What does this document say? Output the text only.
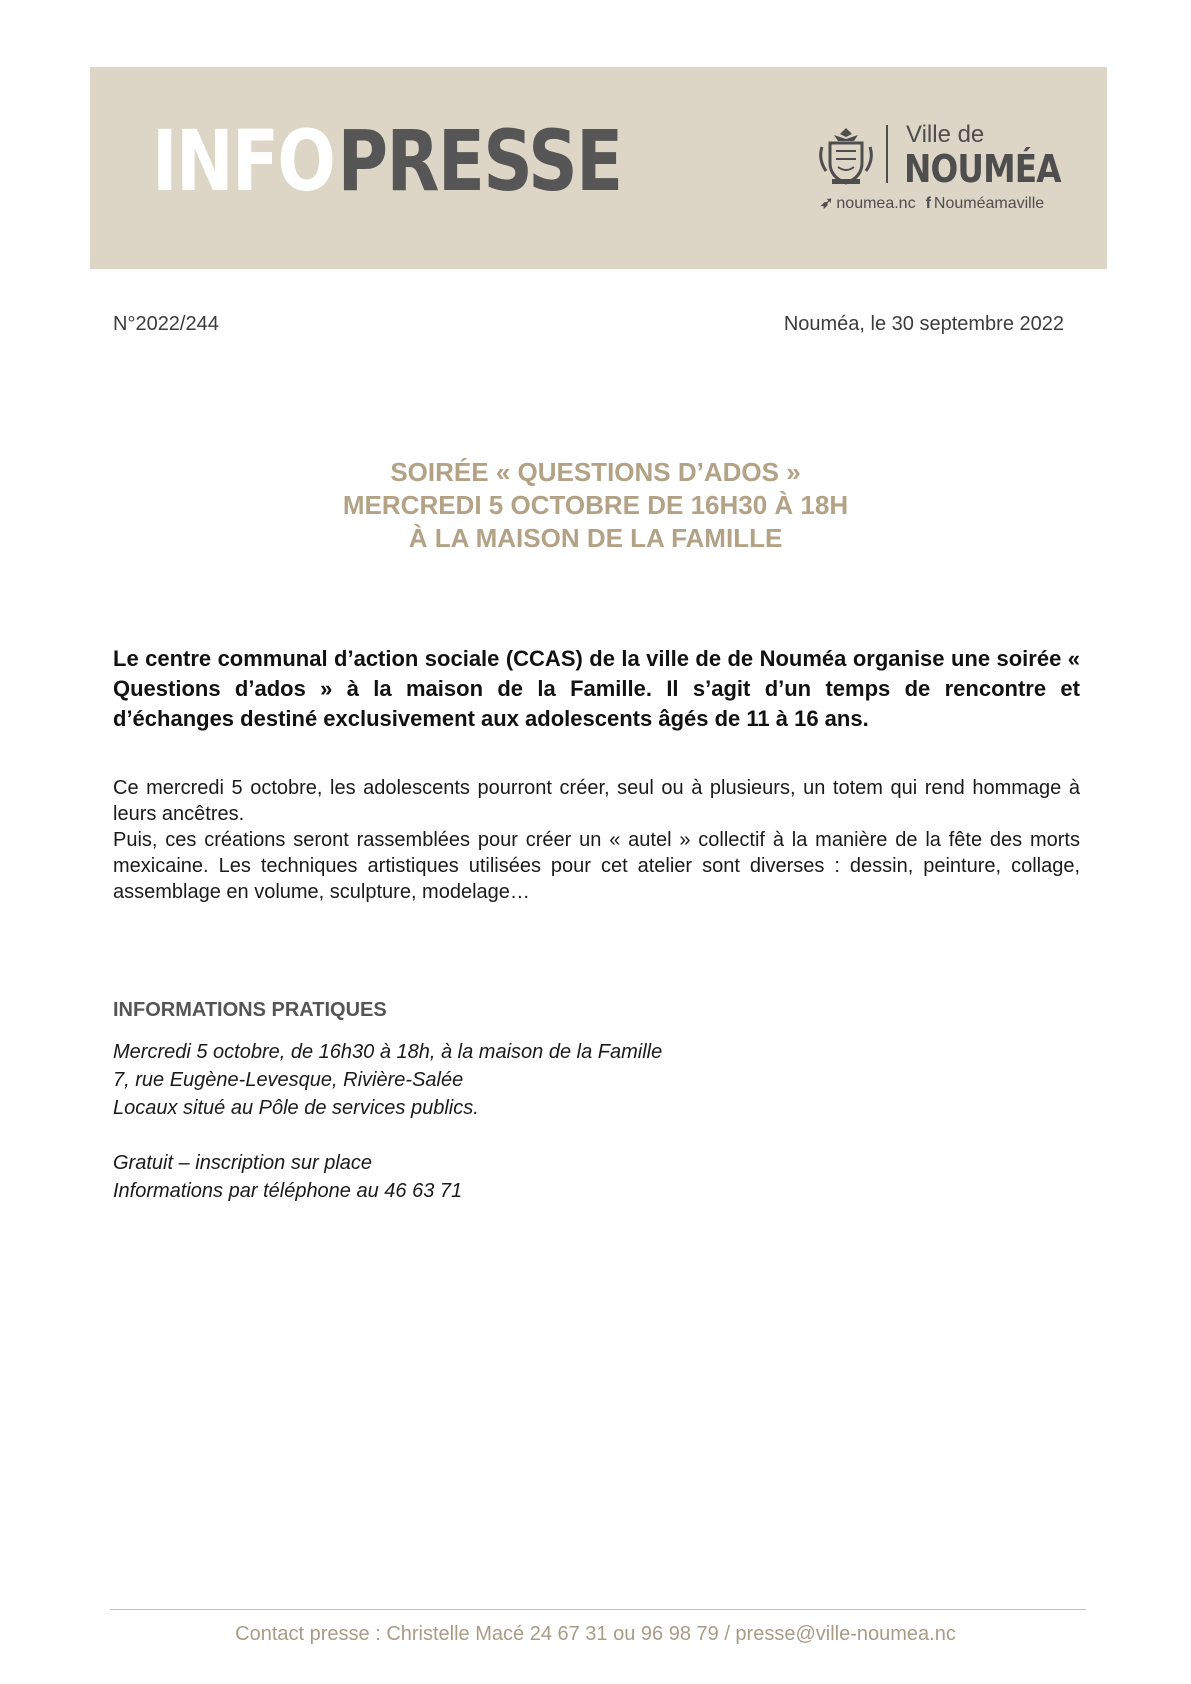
INFOPRESSE	Ville de
NOUMÉA
➶ noumea.nc f Nouméamaville
N°2022/244	Nouméa, le 30 septembre 2022
SOIRÉE « QUESTIONS D’ADOS »
MERCREDI 5 OCTOBRE DE 16H30 À 18H
À LA MAISON DE LA FAMILLE
Le centre communal d’action sociale (CCAS) de la ville de de Nouméa organise une soirée « Questions d’ados » à la maison de la Famille. Il s’agit d’un temps de rencontre et d’échanges destiné exclusivement aux adolescents âgés de 11 à 16 ans.

Ce mercredi 5 octobre, les adolescents pourront créer, seul ou à plusieurs, un totem qui rend hommage à leurs ancêtres.

Puis, ces créations seront rassemblées pour créer un « autel » collectif à la manière de la fête des morts mexicaine. Les techniques artistiques utilisées pour cet atelier sont diverses : dessin, peinture, collage, assemblage en volume, sculpture, modelage…

INFORMATIONS PRATIQUES
Mercredi 5 octobre, de 16h30 à 18h, à la maison de la Famille
7, rue Eugène-Levesque, Rivière-Salée
Locaux situé au Pôle de services publics.
Gratuit – inscription sur place
Informations par téléphone au 46 63 71
Contact presse : Christelle Macé 24 67 31 ou 96 98 79 / presse@ville-noumea.nc
